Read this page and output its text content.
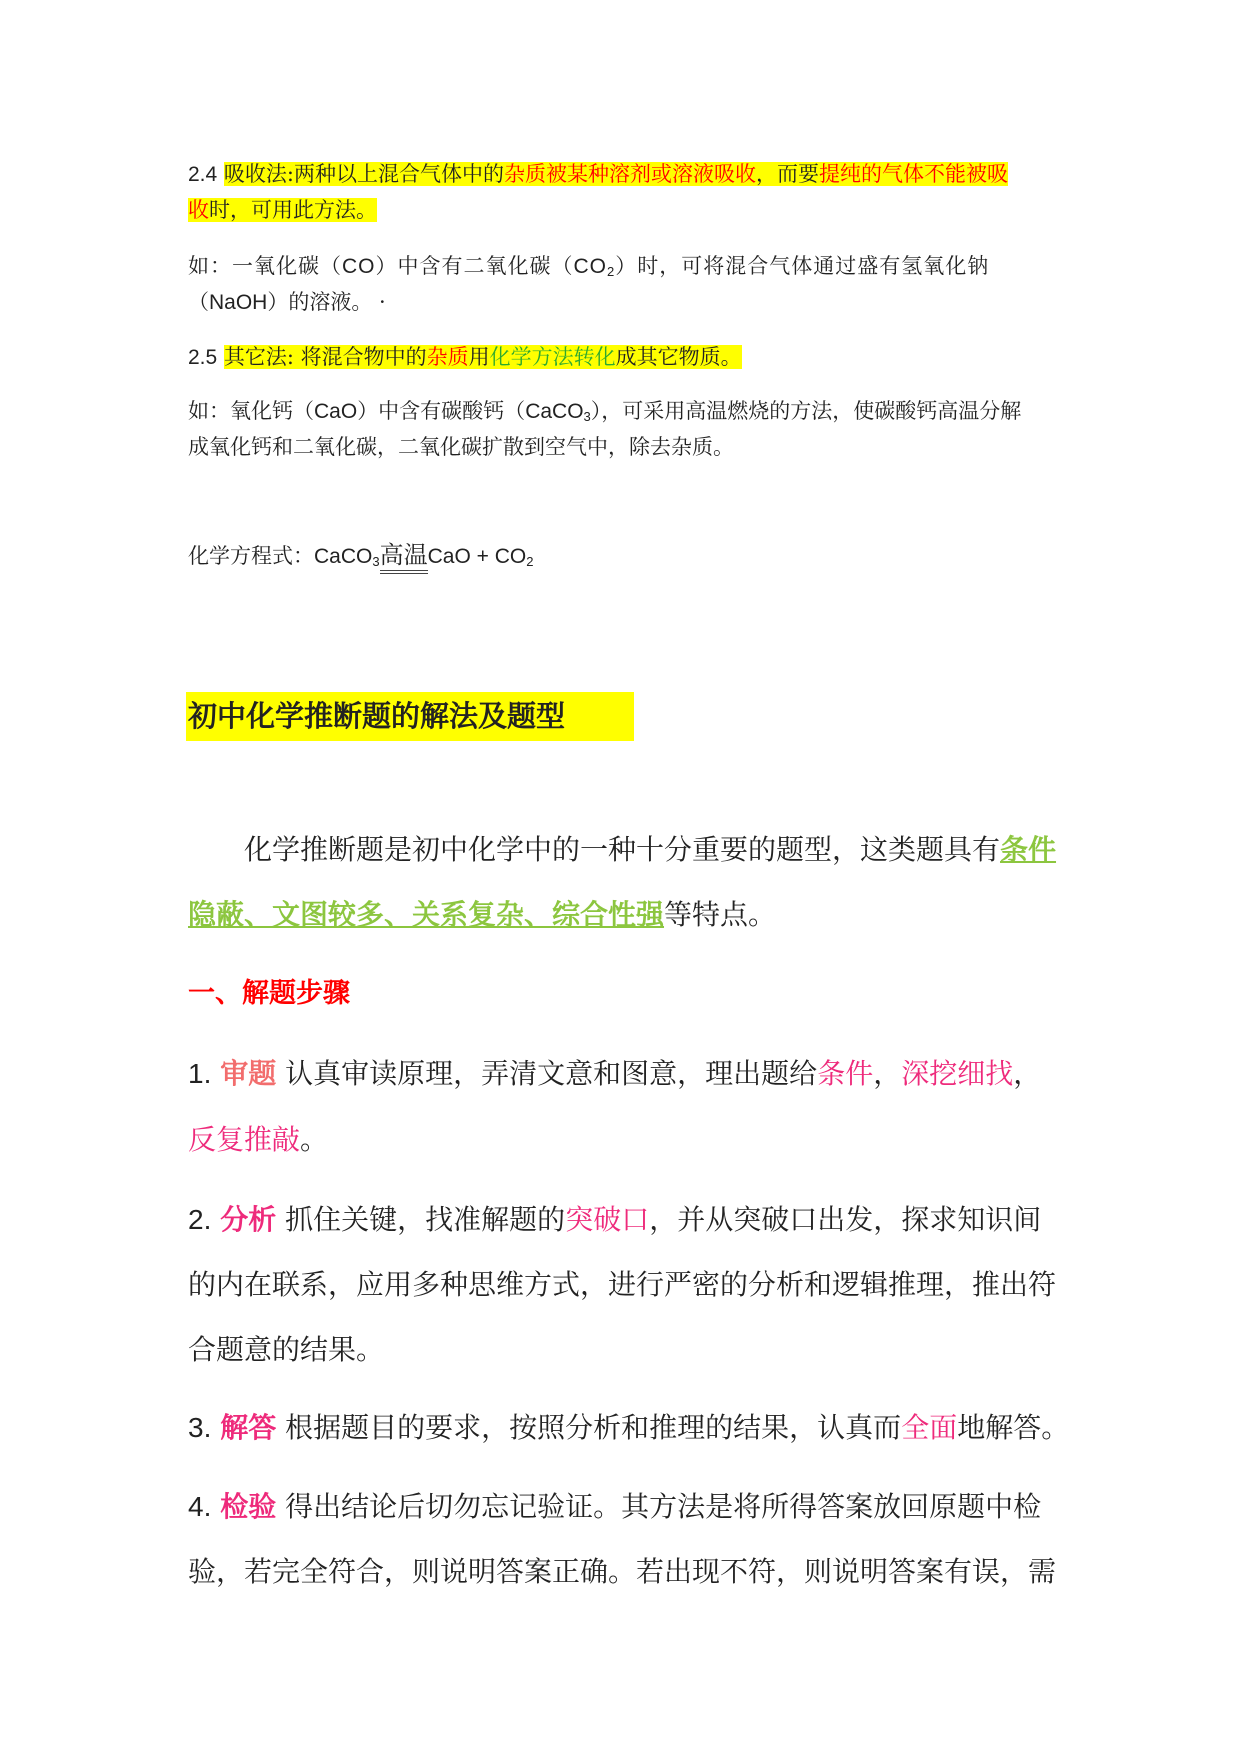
2.4 吸收法:两种以上混合气体中的杂质被某种溶剂或溶液吸收，而要提纯的气体不能被吸
收时，可用此方法。
如：一氧化碳（CO）中含有二氧化碳$(CO_2)$时，可将混合气体通过盛有氢氧化钠
（NaOH）的溶液。 ·
2.5 其它法: 将混合物中的杂质用化学方法转化成其它物质。
如：氧化钙（CaO）中含有碳酸钙（CaCO$_3$），可采用高温燃烧的方法，使碳酸钙高温分解
成氧化钙和二氧化碳，二氧化碳扩散到空气中，除去杂质。
化学方程式：CaCO$_3$高温CaO + $CO_2$
初中化学推断题的解法及题型
化学推断题是初中化学中的一种十分重要的题型，这类题具有条件
隐蔽、文图较多、关系复杂、综合性强等特点。
一、解题步骤
1. 审题 认真审读原理，弄清文意和图意，理出题给条件，深挖细找，
反复推敲。
2. 分析 抓住关键，找准解题的突破口，并从突破口出发，探求知识间
的内在联系，应用多种思维方式，进行严密的分析和逻辑推理，推出符
合题意的结果。
3. 解答 根据题目的要求，按照分析和推理的结果，认真而全面地解答。
4. 检验 得出结论后切勿忘记验证。其方法是将所得答案放回原题中检
验，若完全符合，则说明答案正确。若出现不符，则说明答案有误，需
